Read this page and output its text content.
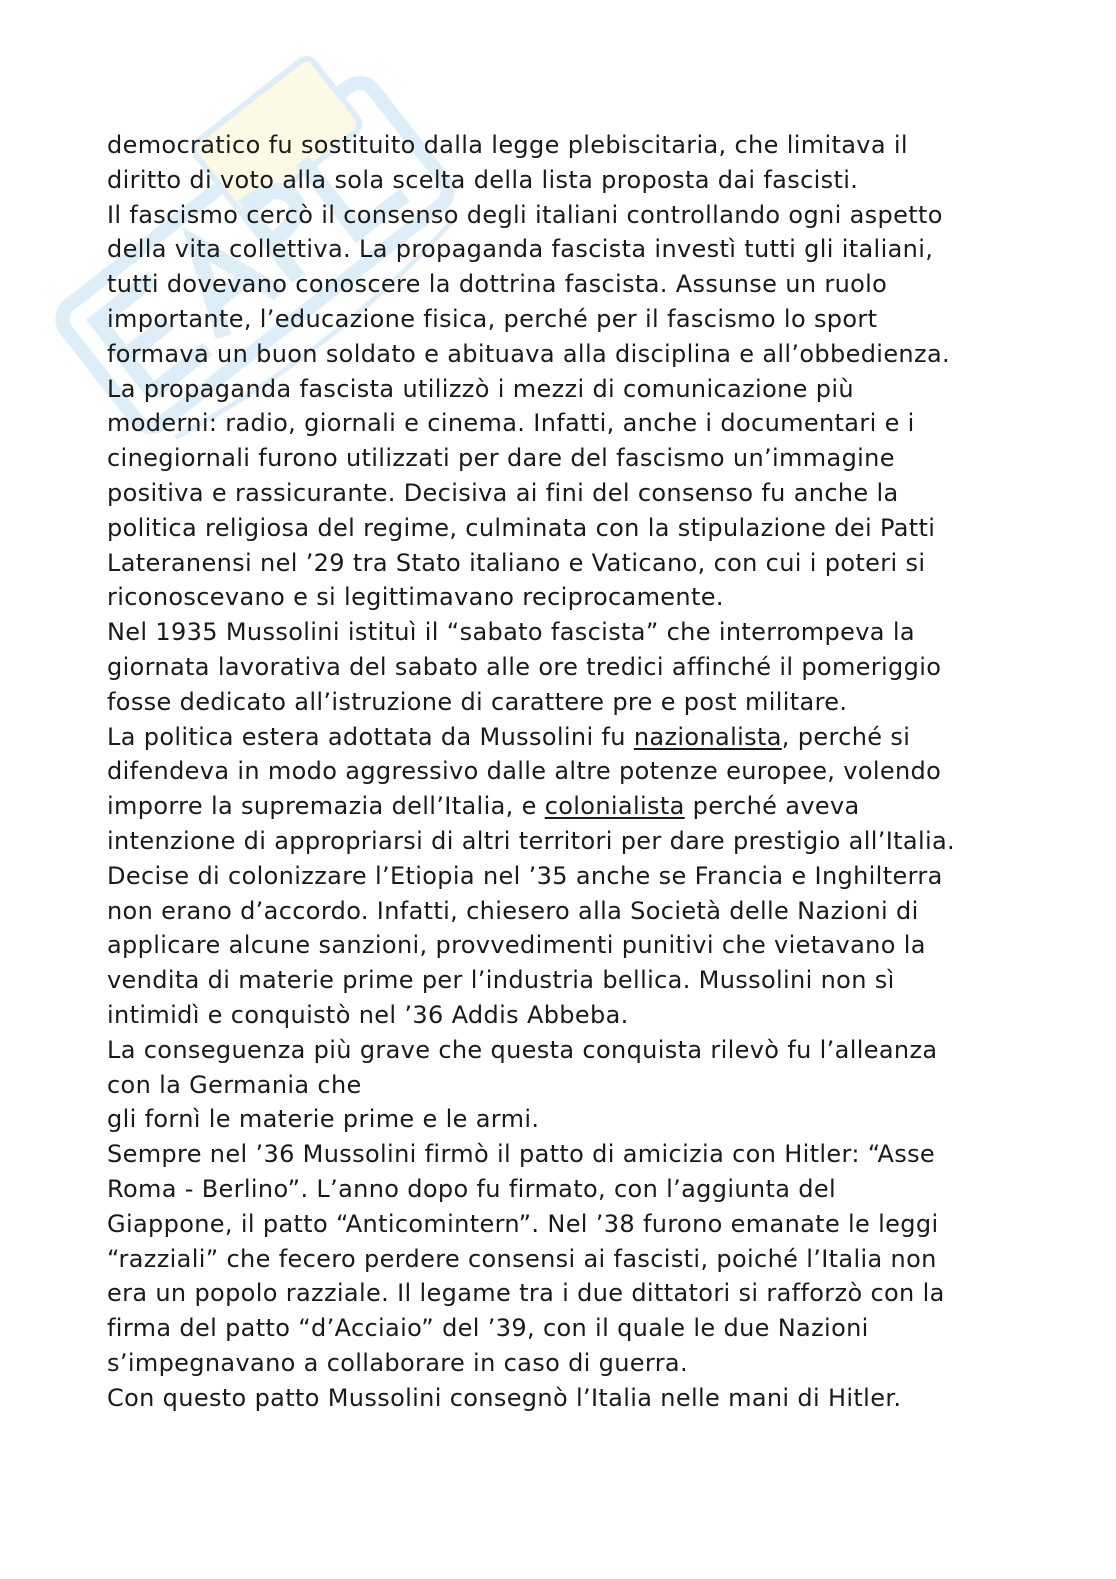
democratico fu sostituito dalla legge plebiscitaria, che limitava il
diritto di voto alla sola scelta della lista proposta dai fascisti.
Il fascismo cercò il consenso degli italiani controllando ogni aspetto
della vita collettiva. La propaganda fascista investì tutti gli italiani,
tutti dovevano conoscere la dottrina fascista. Assunse un ruolo
importante, l’educazione fisica, perché per il fascismo lo sport
formava un buon soldato e abituava alla disciplina e all’obbedienza.
La propaganda fascista utilizzò i mezzi di comunicazione più
moderni: radio, giornali e cinema. Infatti, anche i documentari e i
cinegiornali furono utilizzati per dare del fascismo un’immagine
positiva e rassicurante. Decisiva ai fini del consenso fu anche la
politica religiosa del regime, culminata con la stipulazione dei Patti
Lateranensi nel ’29 tra Stato italiano e Vaticano, con cui i poteri si
riconoscevano e si legittimavano reciprocamente.
Nel 1935 Mussolini istituì il “sabato fascista” che interrompeva la
giornata lavorativa del sabato alle ore tredici affinché il pomeriggio
fosse dedicato all’istruzione di carattere pre e post militare.
La politica estera adottata da Mussolini fu nazionalista, perché si
difendeva in modo aggressivo dalle altre potenze europee, volendo
imporre la supremazia dell’Italia, e colonialista perché aveva
intenzione di appropriarsi di altri territori per dare prestigio all’Italia.
Decise di colonizzare l’Etiopia nel ’35 anche se Francia e Inghilterra
non erano d’accordo. Infatti, chiesero alla Società delle Nazioni di
applicare alcune sanzioni, provvedimenti punitivi che vietavano la
vendita di materie prime per l’industria bellica. Mussolini non sì
intimidì e conquistò nel ’36 Addis Abbeba.
La conseguenza più grave che questa conquista rilevò fu l’alleanza
con la Germania che
gli fornì le materie prime e le armi.
Sempre nel ’36 Mussolini firmò il patto di amicizia con Hitler: “Asse
Roma - Berlino”. L’anno dopo fu firmato, con l’aggiunta del
Giappone, il patto “Anticomintern”. Nel ’38 furono emanate le leggi
“razziali” che fecero perdere consensi ai fascisti, poiché l’Italia non
era un popolo razziale. Il legame tra i due dittatori si rafforzò con la
firma del patto “d’Acciaio” del ’39, con il quale le due Nazioni
s’impegnavano a collaborare in caso di guerra.
Con questo patto Mussolini consegnò l’Italia nelle mani di Hitler.
